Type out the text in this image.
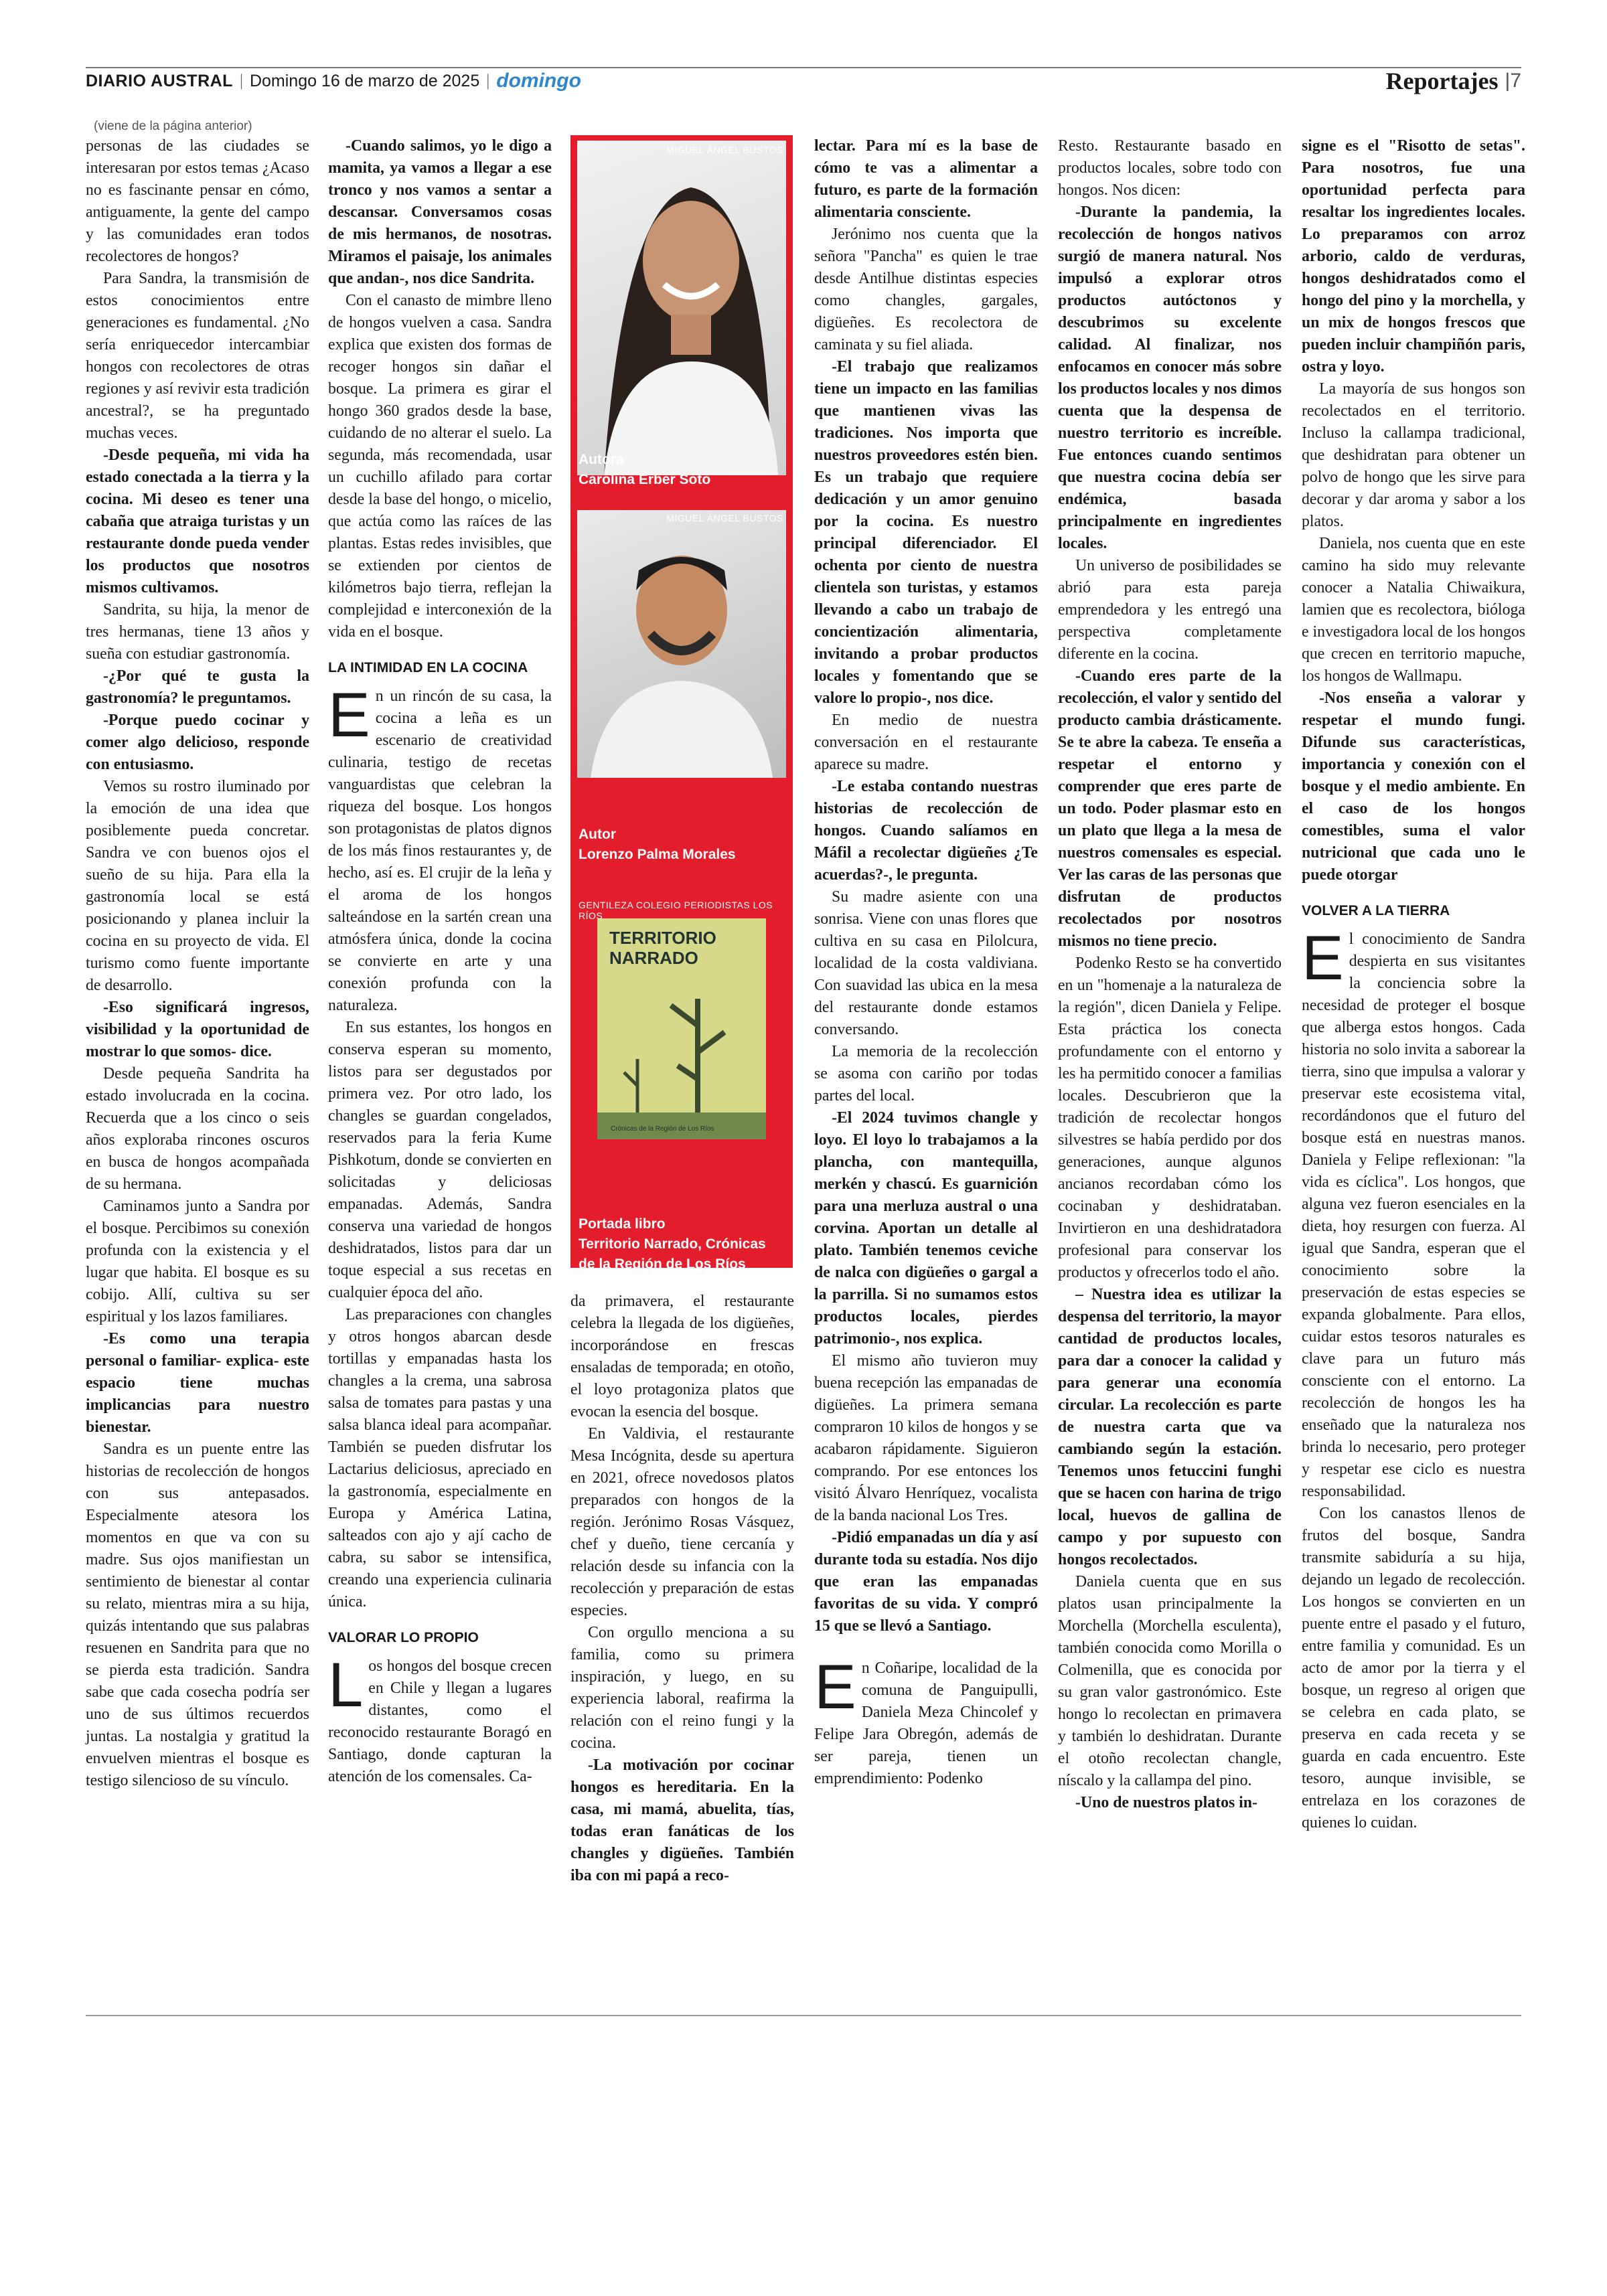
DIARIO AUSTRAL | Domingo 16 de marzo de 2025 | domingo	Reportajes |7
(viene de la página anterior)

personas de las ciudades se interesaran por estos temas ¿Acaso no es fascinante pensar en cómo, antiguamente, la gente del campo y las comunidades eran todos recolectores de hongos?

Para Sandra, la transmisión de estos conocimientos entre generaciones es fundamental. ¿No sería enriquecedor intercambiar hongos con recolectores de otras regiones y así revivir esta tradición ancestral?, se ha preguntado muchas veces.

-Desde pequeña, mi vida ha estado conectada a la tierra y la cocina. Mi deseo es tener una cabaña que atraiga turistas y un restaurante donde pueda vender los productos que nosotros mismos cultivamos.

Sandrita, su hija, la menor de tres hermanas, tiene 13 años y sueña con estudiar gastronomía.

-¿Por qué te gusta la gastronomía? le preguntamos.

-Porque puedo cocinar y comer algo delicioso, responde con entusiasmo.

Vemos su rostro iluminado por la emoción de una idea que posiblemente pueda concretar. Sandra ve con buenos ojos el sueño de su hija. Para ella la gastronomía local se está posicionando y planea incluir la cocina en su proyecto de vida. El turismo como fuente importante de desarrollo.

-Eso significará ingresos, visibilidad y la oportunidad de mostrar lo que somos- dice.

Desde pequeña Sandrita ha estado involucrada en la cocina. Recuerda que a los cinco o seis años exploraba rincones oscuros en busca de hongos acompañada de su hermana.

Caminamos junto a Sandra por el bosque. Percibimos su conexión profunda con la existencia y el lugar que habita. El bosque es su cobijo. Allí, cultiva su ser espiritual y los lazos familiares.

-Es como una terapia personal o familiar- explica- este espacio tiene muchas implicancias para nuestro bienestar.

Sandra es un puente entre las historias de recolección de hongos con sus antepasados. Especialmente atesora los momentos en que va con su madre. Sus ojos manifiestan un sentimiento de bienestar al contar su relato, mientras mira a su hija, quizás intentando que sus palabras resuenen en Sandrita para que no se pierda esta tradición. Sandra sabe que cada cosecha podría ser uno de sus últimos recuerdos juntas. La nostalgia y gratitud la envuelven mientras el bosque es testigo silencioso de su vínculo.

-Cuando salimos, yo le digo a mamita, ya vamos a llegar a ese tronco y nos vamos a sentar a descansar. Conversamos cosas de mis hermanos, de nosotras. Miramos el paisaje, los animales que andan-, nos dice Sandrita.

Con el canasto de mimbre lleno de hongos vuelven a casa. Sandra explica que existen dos formas de recoger hongos sin dañar el bosque. La primera es girar el hongo 360 grados desde la base, cuidando de no alterar el suelo. La segunda, más recomendada, usar un cuchillo afilado para cortar desde la base del hongo, o micelio, que actúa como las raíces de las plantas. Estas redes invisibles, que se extienden por cientos de kilómetros bajo tierra, reflejan la complejidad e interconexión de la vida en el bosque.

LA INTIMIDAD EN LA COCINA

En un rincón de su casa, la cocina a leña es un escenario de creatividad culinaria, testigo de recetas vanguardistas que celebran la riqueza del bosque. Los hongos son protagonistas de platos dignos de los más finos restaurantes y, de hecho, así es. El crujir de la leña y el aroma de los hongos salteándose en la sartén crean una atmósfera única, donde la cocina se convierte en arte y una conexión profunda con la naturaleza.

En sus estantes, los hongos en conserva esperan su momento, listos para ser degustados por primera vez. Por otro lado, los changles se guardan congelados, reservados para la feria Kume Pishkotum, donde se convierten en solicitadas y deliciosas empanadas. Además, Sandra conserva una variedad de hongos deshidratados, listos para dar un toque especial a sus recetas en cualquier época del año.

Las preparaciones con changles y otros hongos abarcan desde tortillas y empanadas hasta los changles a la crema, una sabrosa salsa de tomates para pastas y una salsa blanca ideal para acompañar. También se pueden disfrutar los Lactarius deliciosus, apreciado en la gastronomía, especialmente en Europa y América Latina, salteados con ajo y ají cacho de cabra, su sabor se intensifica, creando una experiencia culinaria única.

VALORAR LO PROPIO

Los hongos del bosque crecen en Chile y llegan a lugares distantes, como el reconocido restaurante Boragó en Santiago, donde capturan la atención de los comensales. Ca-

MIGUEL ÁNGEL BUSTOS
Autora
Carolina Erber Soto
MIGUEL ÁNGEL BUSTOS
Autor
Lorenzo Palma Morales
GENTILEZA COLEGIO PERIODISTAS LOS RÍOS
TERRITORIO
NARRADO
Crónicas de la Región de Los Ríos
Portada libro
Territorio Narrado, Crónicas
de la Región de Los Ríos

da primavera, el restaurante celebra la llegada de los digüeñes, incorporándose en frescas ensaladas de temporada; en otoño, el loyo protagoniza platos que evocan la esencia del bosque.

En Valdivia, el restaurante Mesa Incógnita, desde su apertura en 2021, ofrece novedosos platos preparados con hongos de la región. Jerónimo Rosas Vásquez, chef y dueño, tiene cercanía y relación desde su infancia con la recolección y preparación de estas especies.

Con orgullo menciona a su familia, como su primera inspiración, y luego, en su experiencia laboral, reafirma la relación con el reino fungi y la cocina.

-La motivación por cocinar hongos es hereditaria. En la casa, mi mamá, abuelita, tías, todas eran fanáticas de los changles y digüeñes. También iba con mi papá a reco-

lectar. Para mí es la base de cómo te vas a alimentar a futuro, es parte de la formación alimentaria consciente.

Jerónimo nos cuenta que la señora "Pancha" es quien le trae desde Antilhue distintas especies como changles, gargales, digüeñes. Es recolectora de caminata y su fiel aliada.

-El trabajo que realizamos tiene un impacto en las familias que mantienen vivas las tradiciones. Nos importa que nuestros proveedores estén bien. Es un trabajo que requiere dedicación y un amor genuino por la cocina. Es nuestro principal diferenciador. El ochenta por ciento de nuestra clientela son turistas, y estamos llevando a cabo un trabajo de concientización alimentaria, invitando a probar productos locales y fomentando que se valore lo propio-, nos dice.

En medio de nuestra conversación en el restaurante aparece su madre.

-Le estaba contando nuestras historias de recolección de hongos. Cuando salíamos en Máfil a recolectar digüeñes ¿Te acuerdas?-, le pregunta.

Su madre asiente con una sonrisa. Viene con unas flores que cultiva en su casa en Pilolcura, localidad de la costa valdiviana. Con suavidad las ubica en la mesa del restaurante donde estamos conversando.

La memoria de la recolección se asoma con cariño por todas partes del local.

-El 2024 tuvimos changle y loyo. El loyo lo trabajamos a la plancha, con mantequilla, merkén y chascú. Es guarnición para una merluza austral o una corvina. Aportan un detalle al plato. También tenemos ceviche de nalca con digüeñes o gargal a la parrilla. Si no sumamos estos productos locales, pierdes patrimonio-, nos explica.

El mismo año tuvieron muy buena recepción las empanadas de digüeñes. La primera semana compraron 10 kilos de hongos y se acabaron rápidamente. Siguieron comprando. Por ese entonces los visitó Álvaro Henríquez, vocalista de la banda nacional Los Tres.

-Pidió empanadas un día y así durante toda su estadía. Nos dijo que eran las empanadas favoritas de su vida. Y compró 15 que se llevó a Santiago.

En Coñaripe, localidad de la comuna de Panguipulli, Daniela Meza Chincolef y Felipe Jara Obregón, además de ser pareja, tienen un emprendimiento: Podenko

Resto. Restaurante basado en productos locales, sobre todo con hongos. Nos dicen:

-Durante la pandemia, la recolección de hongos nativos surgió de manera natural. Nos impulsó a explorar otros productos autóctonos y descubrimos su excelente calidad. Al finalizar, nos enfocamos en conocer más sobre los productos locales y nos dimos cuenta que la despensa de nuestro territorio es increíble. Fue entonces cuando sentimos que nuestra cocina debía ser endémica, basada principalmente en ingredientes locales.

Un universo de posibilidades se abrió para esta pareja emprendedora y les entregó una perspectiva completamente diferente en la cocina.

-Cuando eres parte de la recolección, el valor y sentido del producto cambia drásticamente. Se te abre la cabeza. Te enseña a respetar el entorno y comprender que eres parte de un todo. Poder plasmar esto en un plato que llega a la mesa de nuestros comensales es especial. Ver las caras de las personas que disfrutan de productos recolectados por nosotros mismos no tiene precio.

Podenko Resto se ha convertido en un "homenaje a la naturaleza de la región", dicen Daniela y Felipe. Esta práctica los conecta profundamente con el entorno y les ha permitido conocer a familias locales. Descubrieron que la tradición de recolectar hongos silvestres se había perdido por dos generaciones, aunque algunos ancianos recordaban cómo los cocinaban y deshidrataban. Invirtieron en una deshidratadora profesional para conservar los productos y ofrecerlos todo el año.

– Nuestra idea es utilizar la despensa del territorio, la mayor cantidad de productos locales, para dar a conocer la calidad y para generar una economía circular. La recolección es parte de nuestra carta que va cambiando según la estación. Tenemos unos fetuccini funghi que se hacen con harina de trigo local, huevos de gallina de campo y por supuesto con hongos recolectados.

Daniela cuenta que en sus platos usan principalmente la Morchella (Morchella esculenta), también conocida como Morilla o Colmenilla, que es conocida por su gran valor gastronómico. Este hongo lo recolectan en primavera y también lo deshidratan. Durante el otoño recolectan changle, níscalo y la callampa del pino.

-Uno de nuestros platos in-

signe es el "Risotto de setas". Para nosotros, fue una oportunidad perfecta para resaltar los ingredientes locales. Lo preparamos con arroz arborio, caldo de verduras, hongos deshidratados como el hongo del pino y la morchella, y un mix de hongos frescos que pueden incluir champiñón paris, ostra y loyo.

La mayoría de sus hongos son recolectados en el territorio. Incluso la callampa tradicional, que deshidratan para obtener un polvo de hongo que les sirve para decorar y dar aroma y sabor a los platos.

Daniela, nos cuenta que en este camino ha sido muy relevante conocer a Natalia Chiwaikura, lamien que es recolectora, bióloga e investigadora local de los hongos que crecen en territorio mapuche, los hongos de Wallmapu.

-Nos enseña a valorar y respetar el mundo fungi. Difunde sus características, importancia y conexión con el bosque y el medio ambiente. En el caso de los hongos comestibles, suma el valor nutricional que cada uno le puede otorgar

VOLVER A LA TIERRA

El conocimiento de Sandra despierta en sus visitantes la conciencia sobre la necesidad de proteger el bosque que alberga estos hongos. Cada historia no solo invita a saborear la tierra, sino que impulsa a valorar y preservar este ecosistema vital, recordándonos que el futuro del bosque está en nuestras manos. Daniela y Felipe reflexionan: "la vida es cíclica". Los hongos, que alguna vez fueron esenciales en la dieta, hoy resurgen con fuerza. Al igual que Sandra, esperan que el conocimiento sobre la preservación de estas especies se expanda globalmente. Para ellos, cuidar estos tesoros naturales es clave para un futuro más consciente con el entorno. La recolección de hongos les ha enseñado que la naturaleza nos brinda lo necesario, pero proteger y respetar ese ciclo es nuestra responsabilidad.

Con los canastos llenos de frutos del bosque, Sandra transmite sabiduría a su hija, dejando un legado de recolección. Los hongos se convierten en un puente entre el pasado y el futuro, entre familia y comunidad. Es un acto de amor por la tierra y el bosque, un regreso al origen que se celebra en cada plato, se preserva en cada receta y se guarda en cada encuentro. Este tesoro, aunque invisible, se entrelaza en los corazones de quienes lo cuidan.
